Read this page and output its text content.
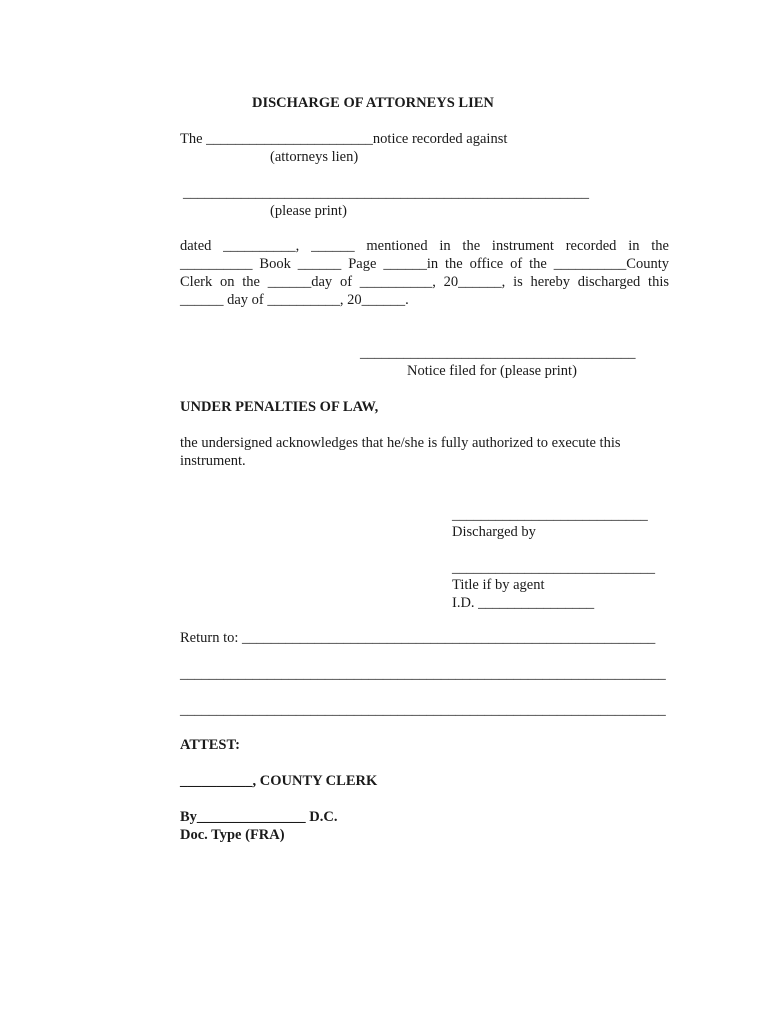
DISCHARGE OF ATTORNEYS LIEN
The _______________________notice recorded against
(attorneys lien)
________________________________________________________
(please print)
dated __________, ______ mentioned in the instrument recorded in the
__________ Book ______ Page ______in the office of the __________County
Clerk on the ______day of __________, 20______, is hereby discharged this
______ day of __________, 20______.
______________________________________
Notice filed for (please print)
UNDER PENALTIES OF LAW,
the undersigned acknowledges that he/she is fully authorized to execute this
instrument.
___________________________
Discharged by
____________________________
Title if by agent
I.D. ________________
Return to: _________________________________________________________
___________________________________________________________________
___________________________________________________________________
ATTEST:
__________, COUNTY CLERK
By_______________ D.C.
Doc. Type (FRA)
